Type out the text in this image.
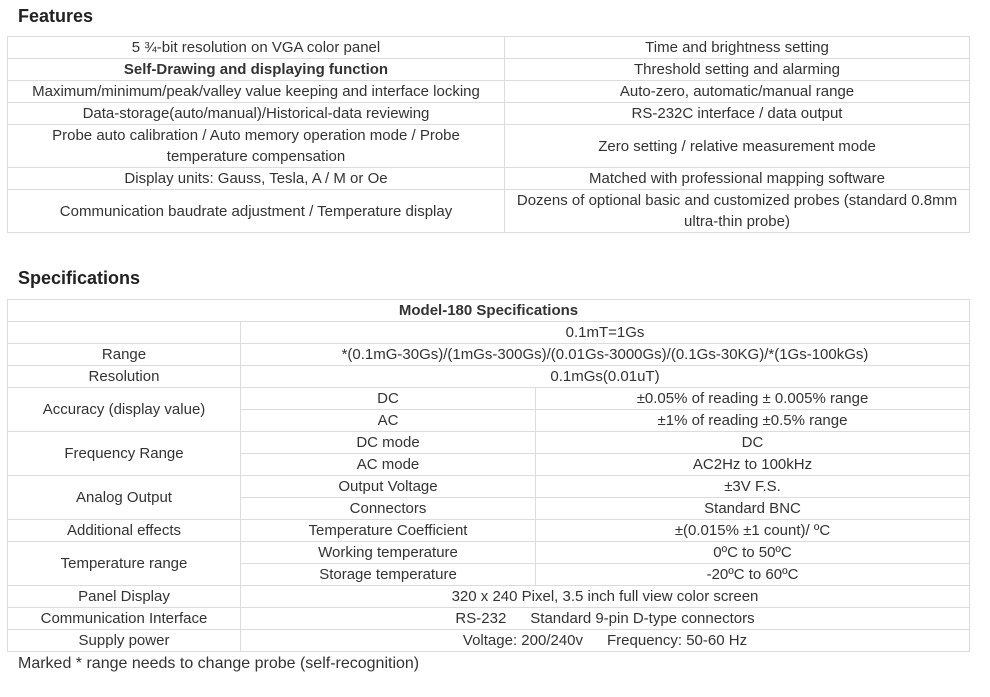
Features
5 ¾-bit resolution on VGA color panel	Time and brightness setting
Self-Drawing and displaying function	Threshold setting and alarming
Maximum/minimum/peak/valley value keeping and interface locking	Auto-zero, automatic/manual range
Data-storage(auto/manual)/Historical-data reviewing	RS-232C interface / data output
Probe auto calibration / Auto memory operation mode / Probe temperature compensation	Zero setting / relative measurement mode
Display units: Gauss, Tesla, A / M or Oe	Matched with professional mapping software
Communication baudrate adjustment / Temperature display	Dozens of optional basic and customized probes (standard 0.8mm ultra-thin probe)
Specifications
Model-180 Specifications		
	0.1mT=1Gs	
Range	*(0.1mG-30Gs)/(1mGs-300Gs)/(0.01Gs-3000Gs)/(0.1Gs-30KG)/*(1Gs-100kGs)	
Resolution	0.1mGs(0.01uT)	
Accuracy (display value)	DC	±0.05% of reading ± 0.005% range
	AC	±1% of reading ±0.5% range
Frequency Range	DC mode	DC
	AC mode	AC2Hz to 100kHz
Analog Output	Output Voltage	±3V F.S.
	Connectors	Standard BNC
Additional effects	Temperature Coefficient	±(0.015% ±1 count)/ ºC
Temperature range	Working temperature	0ºC to 50ºC
	Storage temperature	-20ºC to 60ºC
Panel Display	320 x 240 Pixel, 3.5 inch full view color screen	
Communication Interface	RS-232 Standard 9-pin D-type connectors	
Supply power	Voltage: 200/240v Frequency: 50-60 Hz	

Marked * range needs to change probe (self-recognition)
